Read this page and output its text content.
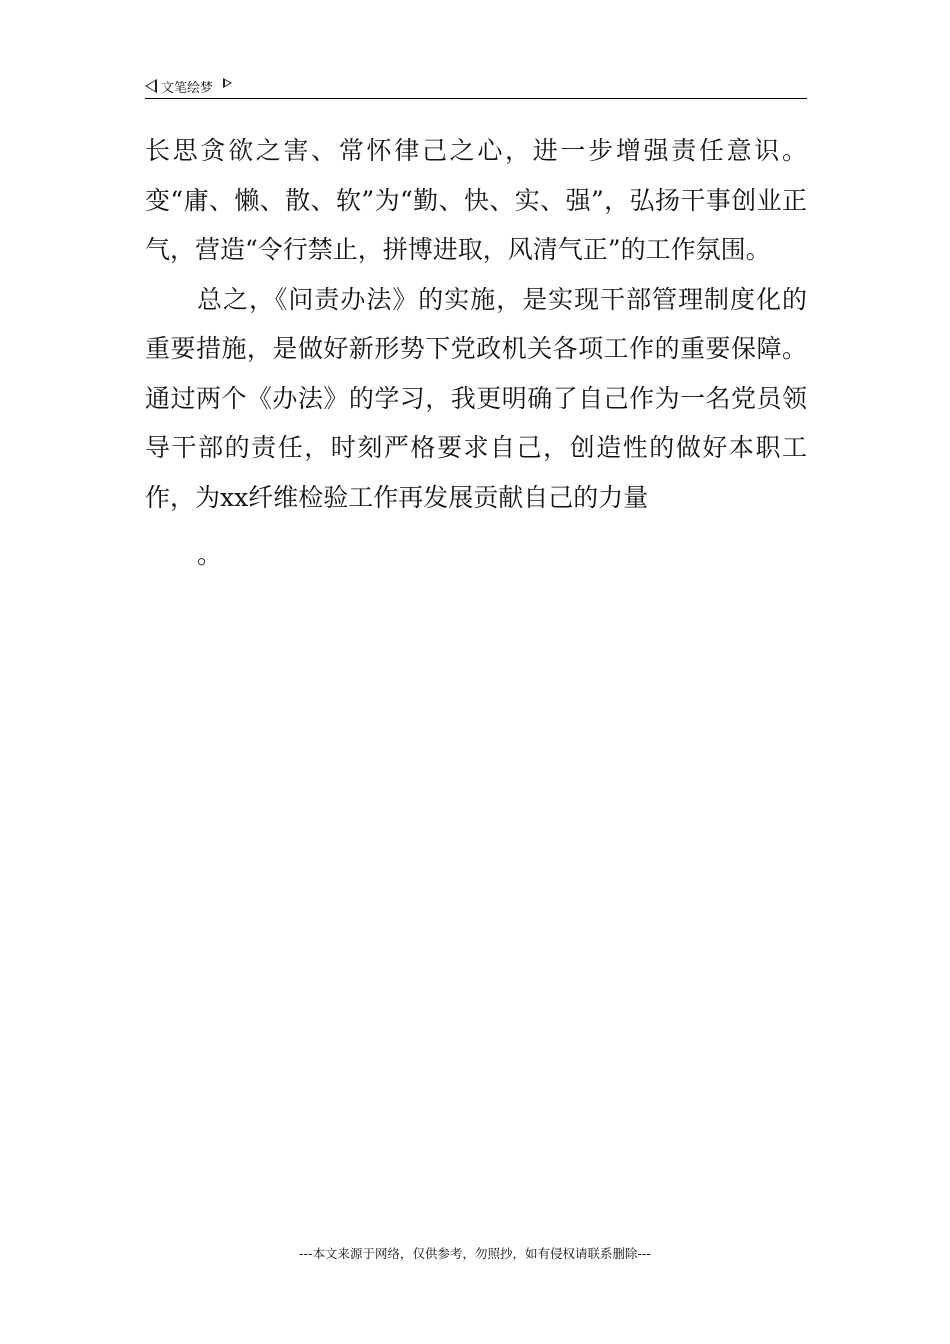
文笔绘梦

长思贪欲之害、常怀律己之心，进一步增强责任意识。变“庸、懒、散、软”为“勤、快、实、强”，弘扬干事创业正气，营造“令行禁止，拼博进取，风清气正”的工作氛围。

总之，《问责办法》的实施，是实现干部管理制度化的重要措施，是做好新形势下党政机关各项工作的重要保障。通过两个《办法》的学习，我更明确了自己作为一名党员领导干部的责任，时刻严格要求自己，创造性的做好本职工作，为xx纤维检验工作再发展贡献自己的力量

。

---本文来源于网络，仅供参考，勿照抄，如有侵权请联系删除---
